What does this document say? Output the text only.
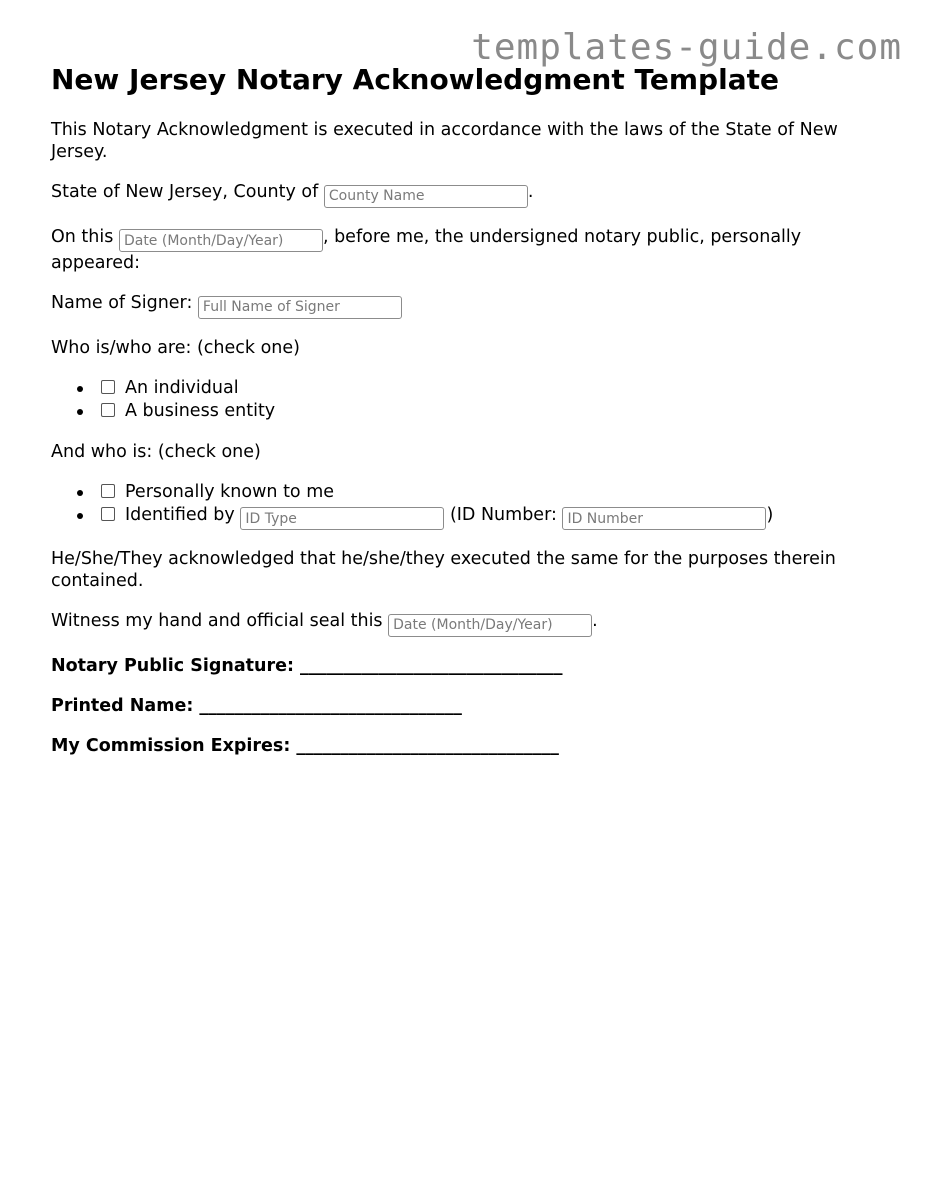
templates-guide.com
New Jersey Notary Acknowledgment Template

This Notary Acknowledgment is executed in accordance with the laws of the State of New Jersey.

State of New Jersey, County of County Name	.

On this Date (Month/Day/Year)	, before me, the undersigned notary public, personally appeared:

Name of Signer: Full Name of Signer

Who is/who are: (check one)

An individual
A business entity

And who is: (check one)

Personally known to me
Identified by ID Type	(ID Number: ID Number	)

He/She/They acknowledged that he/she/they executed the same for the purposes therein contained.

Witness my hand and official seal this Date (Month/Day/Year)	.

Notary Public Signature: ______________________________

Printed Name: ______________________________

My Commission Expires: ______________________________
